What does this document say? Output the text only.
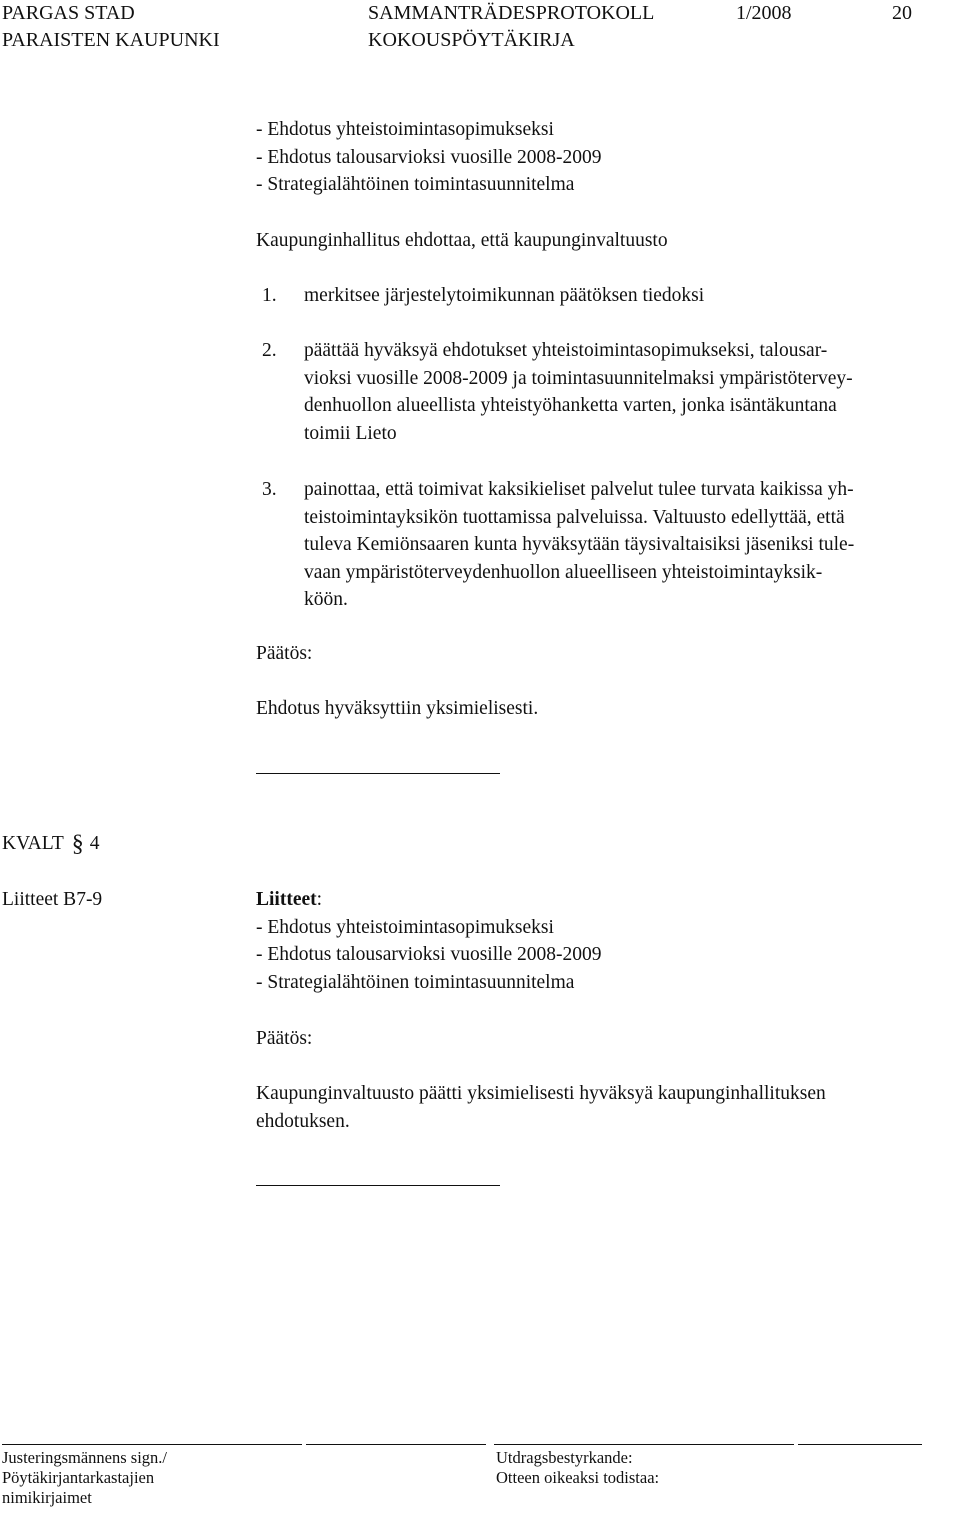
PARGAS STAD
PARAISTEN KAUPUNKI
SAMMANTRÄDESPROTOKOLL
KOKOUSPÖYTÄKIRJA
1/2008	20
- Ehdotus yhteistoimintasopimukseksi
- Ehdotus talousarvioksi vuosille 2008-2009
- Strategialähtöinen toimintasuunnitelma
Kaupunginhallitus ehdottaa, että kaupunginvaltuusto
1. merkitsee järjestelytoimikunnan päätöksen tiedoksi
2. päättää hyväksyä ehdotukset yhteistoimintasopimukseksi, talousar-
vioksi vuosille 2008-2009 ja toimintasuunnitelmaksi ympäristötervey-
denhuollon alueellista yhteistyöhanketta varten, jonka isäntäkuntana
toimii Lieto
3. painottaa, että toimivat kaksikieliset palvelut tulee turvata kaikissa yh-
teistoimintayksikön tuottamissa palveluissa. Valtuusto edellyttää, että
tuleva Kemiönsaaren kunta hyväksytään täysivaltaisiksi jäseniksi tule-
vaan ympäristöterveydenhuollon alueelliseen yhteistoimintayksik-
köön.
Päätös:
Ehdotus hyväksyttiin yksimielisesti.
KVALT § 4
Liitteet B7-9	Liitteet:
- Ehdotus yhteistoimintasopimukseksi
- Ehdotus talousarvioksi vuosille 2008-2009
- Strategialähtöinen toimintasuunnitelma
Päätös:
Kaupunginvaltuusto päätti yksimielisesti hyväksyä kaupunginhallituksen
ehdotuksen.
Justeringsmännens sign./
Pöytäkirjantarkastajien
nimikirjaimet
Utdragsbestyrkande:
Otteen oikeaksi todistaa:
